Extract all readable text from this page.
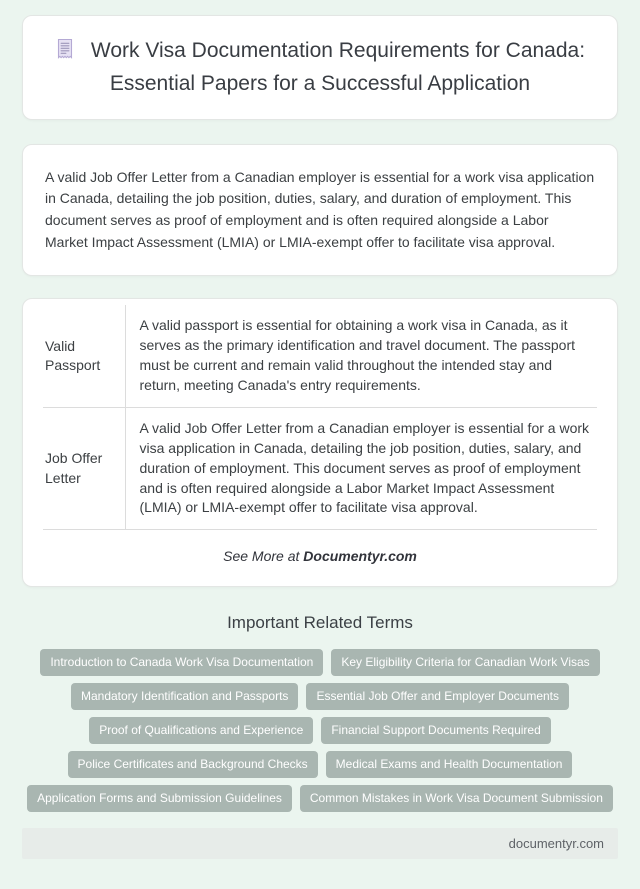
Work Visa Documentation Requirements for Canada: Essential Papers for a Successful Application

A valid Job Offer Letter from a Canadian employer is essential for a work visa application in Canada, detailing the job position, duties, salary, and duration of employment. This document serves as proof of employment and is often required alongside a Labor Market Impact Assessment (LMIA) or LMIA-exempt offer to facilitate visa approval.

Valid Passport	A valid passport is essential for obtaining a work visa in Canada, as it serves as the primary identification and travel document. The passport must be current and remain valid throughout the intended stay and return, meeting Canada's entry requirements.
Job Offer Letter	A valid Job Offer Letter from a Canadian employer is essential for a work visa application in Canada, detailing the job position, duties, salary, and duration of employment. This document serves as proof of employment and is often required alongside a Labor Market Impact Assessment (LMIA) or LMIA-exempt offer to facilitate visa approval.
See More at Documentyr.com
Important Related Terms
Introduction to Canada Work Visa Documentation	Key Eligibility Criteria for Canadian Work Visas
Mandatory Identification and Passports	Essential Job Offer and Employer Documents
Proof of Qualifications and Experience	Financial Support Documents Required
Police Certificates and Background Checks	Medical Exams and Health Documentation
Application Forms and Submission Guidelines	Common Mistakes in Work Visa Document Submission
documentyr.com
